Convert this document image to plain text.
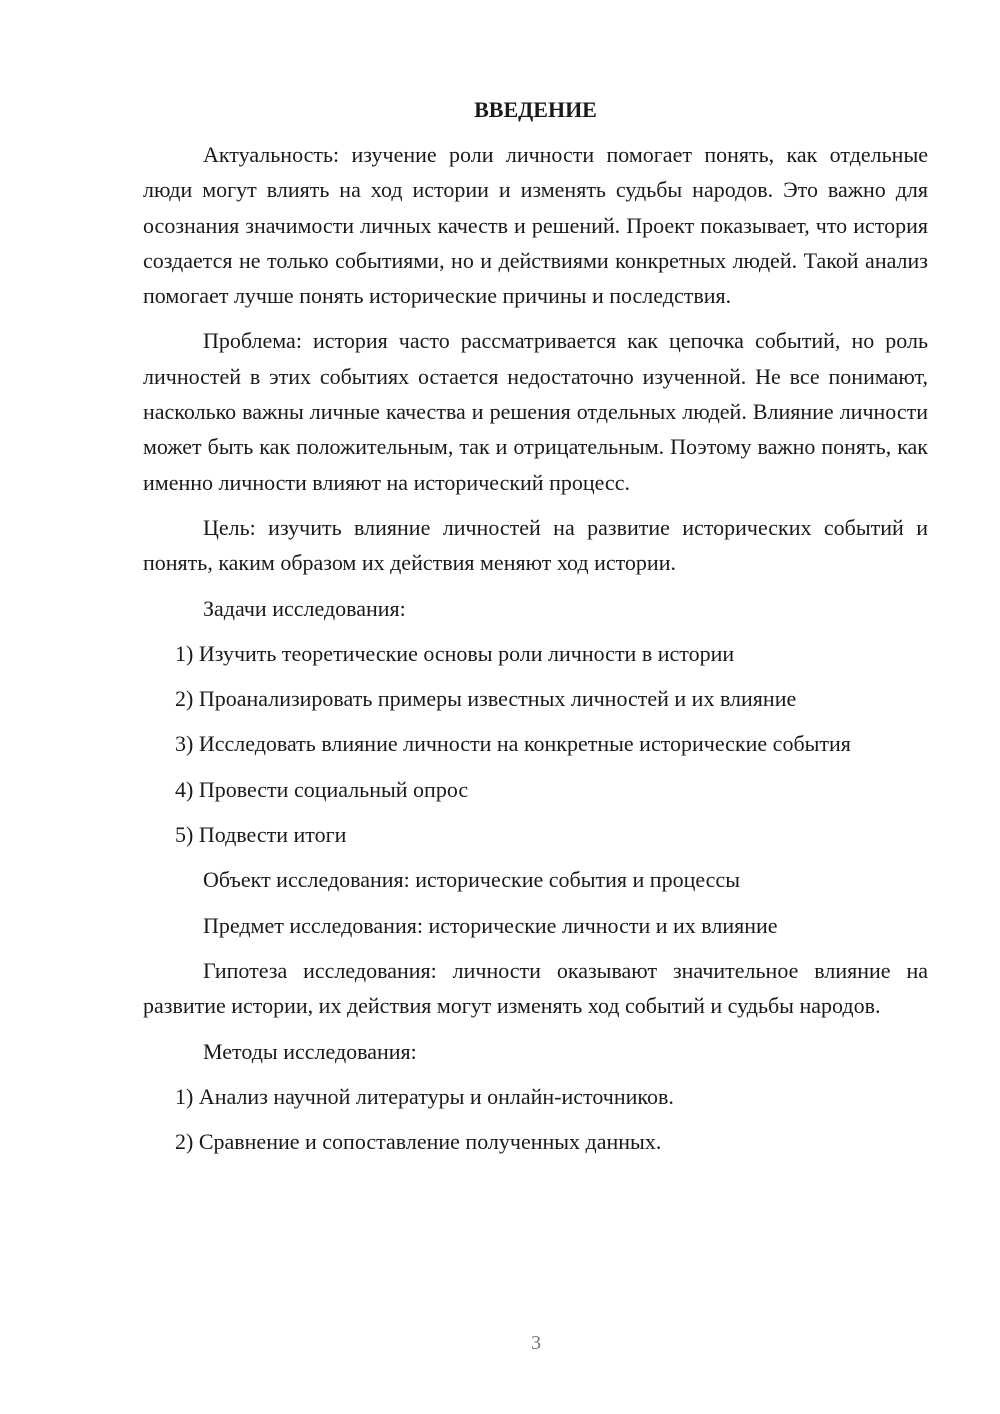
ВВЕДЕНИЕ

Актуальность: изучение роли личности помогает понять, как отдельные люди могут влиять на ход истории и изменять судьбы народов. Это важно для осознания значимости личных качеств и решений. Проект показывает, что история создается не только событиями, но и действиями конкретных людей. Такой анализ помогает лучше понять исторические причины и последствия.

Проблема: история часто рассматривается как цепочка событий, но роль личностей в этих событиях остается недостаточно изученной. Не все понимают, насколько важны личные качества и решения отдельных людей. Влияние личности может быть как положительным, так и отрицательным. Поэтому важно понять, как именно личности влияют на исторический процесс.

Цель: изучить влияние личностей на развитие исторических событий и понять, каким образом их действия меняют ход истории.

Задачи исследования:

1) Изучить теоретические основы роли личности в истории

2) Проанализировать примеры известных личностей и их влияние

3) Исследовать влияние личности на конкретные исторические события

4) Провести социальный опрос

5) Подвести итоги

Объект исследования: исторические события и процессы

Предмет исследования: исторические личности и их влияние

Гипотеза исследования: личности оказывают значительное влияние на развитие истории, их действия могут изменять ход событий и судьбы народов.

Методы исследования:

1) Анализ научной литературы и онлайн-источников.

2) Сравнение и сопоставление полученных данных.

3
